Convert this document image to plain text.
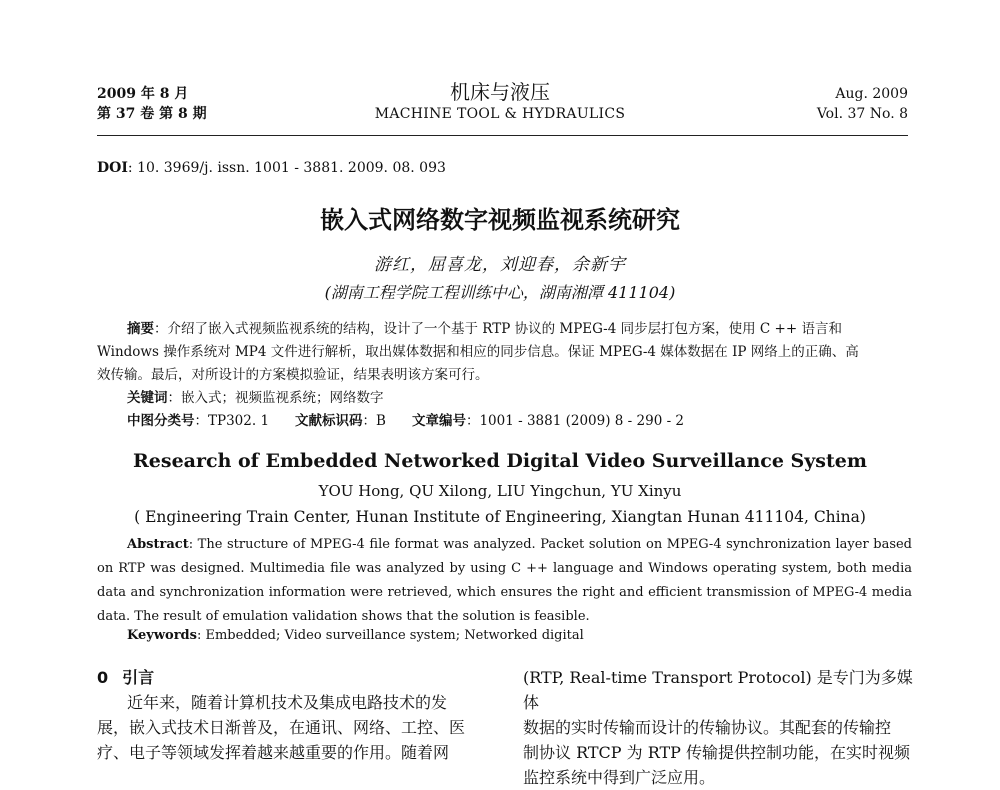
2009 年 8 月
第 37 卷 第 8 期
机床与液压
MACHINE TOOL & HYDRAULICS
Aug. 2009
Vol. 37 No. 8
DOI: 10. 3969/j. issn. 1001 - 3881. 2009. 08. 093
嵌入式网络数字视频监视系统研究
游红，屈喜龙，刘迎春，余新宇
(湖南工程学院工程训练中心，湖南湘潭 411104)

摘要：介绍了嵌入式视频监视系统的结构，设计了一个基于 RTP 协议的 MPEG-4 同步层打包方案，使用 C ++ 语言和

Windows 操作系统对 MP4 文件进行解析，取出媒体数据和相应的同步信息。保证 MPEG-4 媒体数据在 IP 网络上的正确、高

效传输。最后，对所设计的方案模拟验证，结果表明该方案可行。

关键词：嵌入式；视频监视系统；网络数字

中图分类号：TP302. 1 文献标识码：B 文章编号：1001 - 3881 (2009) 8 - 290 - 2

Research of Embedded Networked Digital Video Surveillance System
YOU Hong, QU Xilong, LIU Yingchun, YU Xinyu
( Engineering Train Center, Hunan Institute of Engineering, Xiangtan Hunan 411104, China)

Abstract: The structure of MPEG-4 file format was analyzed. Packet solution on MPEG-4 synchronization layer based on RTP was designed. Multimedia file was analyzed by using C ++ language and Windows operating system, both media data and synchronization information were retrieved, which ensures the right and efficient transmission of MPEG-4 media data. The result of emulation validation shows that the solution is feasible.

Keywords: Embedded; Video surveillance system; Networked digital
0 引言

近年来，随着计算机技术及集成电路技术的发

展，嵌入式技术日渐普及，在通讯、网络、工控、医

疗、电子等领域发挥着越来越重要的作用。随着网

(RTP, Real-time Transport Protocol) 是专门为多媒体

数据的实时传输而设计的传输协议。其配套的传输控

制协议 RTCP 为 RTP 传输提供控制功能，在实时视频

监控系统中得到广泛应用。
